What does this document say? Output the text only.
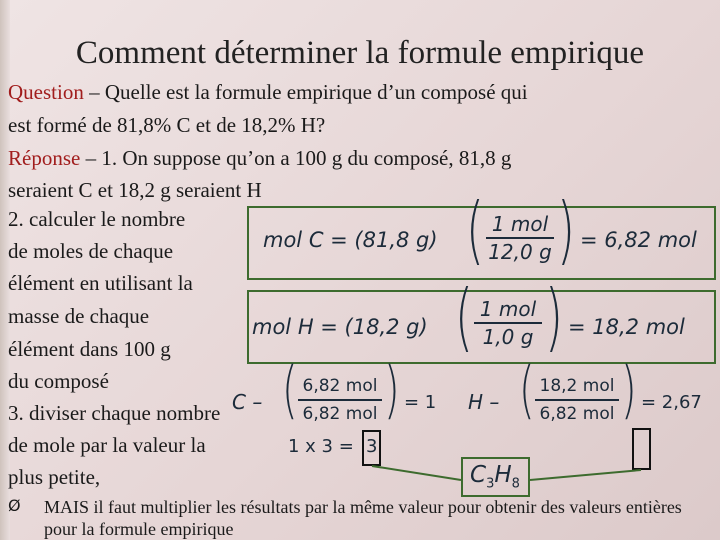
Comment déterminer la formule empirique
Question – Quelle est la formule empirique d’un composé qui
est formé de 81,8% C et de 18,2% H?
Réponse – 1. On suppose qu’on a 100 g du composé, 81,8 g
seraient C et 18,2 g seraient H
2. calculer le nombre
de moles de chaque
élément en utilisant la
masse de chaque
élément dans 100 g
du composé
3. diviser chaque nombre
de mole par la valeur la
plus petite,
mol C = (81,8 g) ( 1 mol
12,0 g ) = 6,82 mol
mol H = (18,2 g) ( 1 mol
1,0 g ) = 18,2 mol
C – ( 6,82 mol
6,82 mol ) = 1 H – ( 18,2 mol
6,82 mol ) = 2,67
1 x 3 = 3
$C_3H_8$
Ø MAIS il faut multiplier les résultats par la même valeur pour obtenir des valeurs entières pour la formule empirique
